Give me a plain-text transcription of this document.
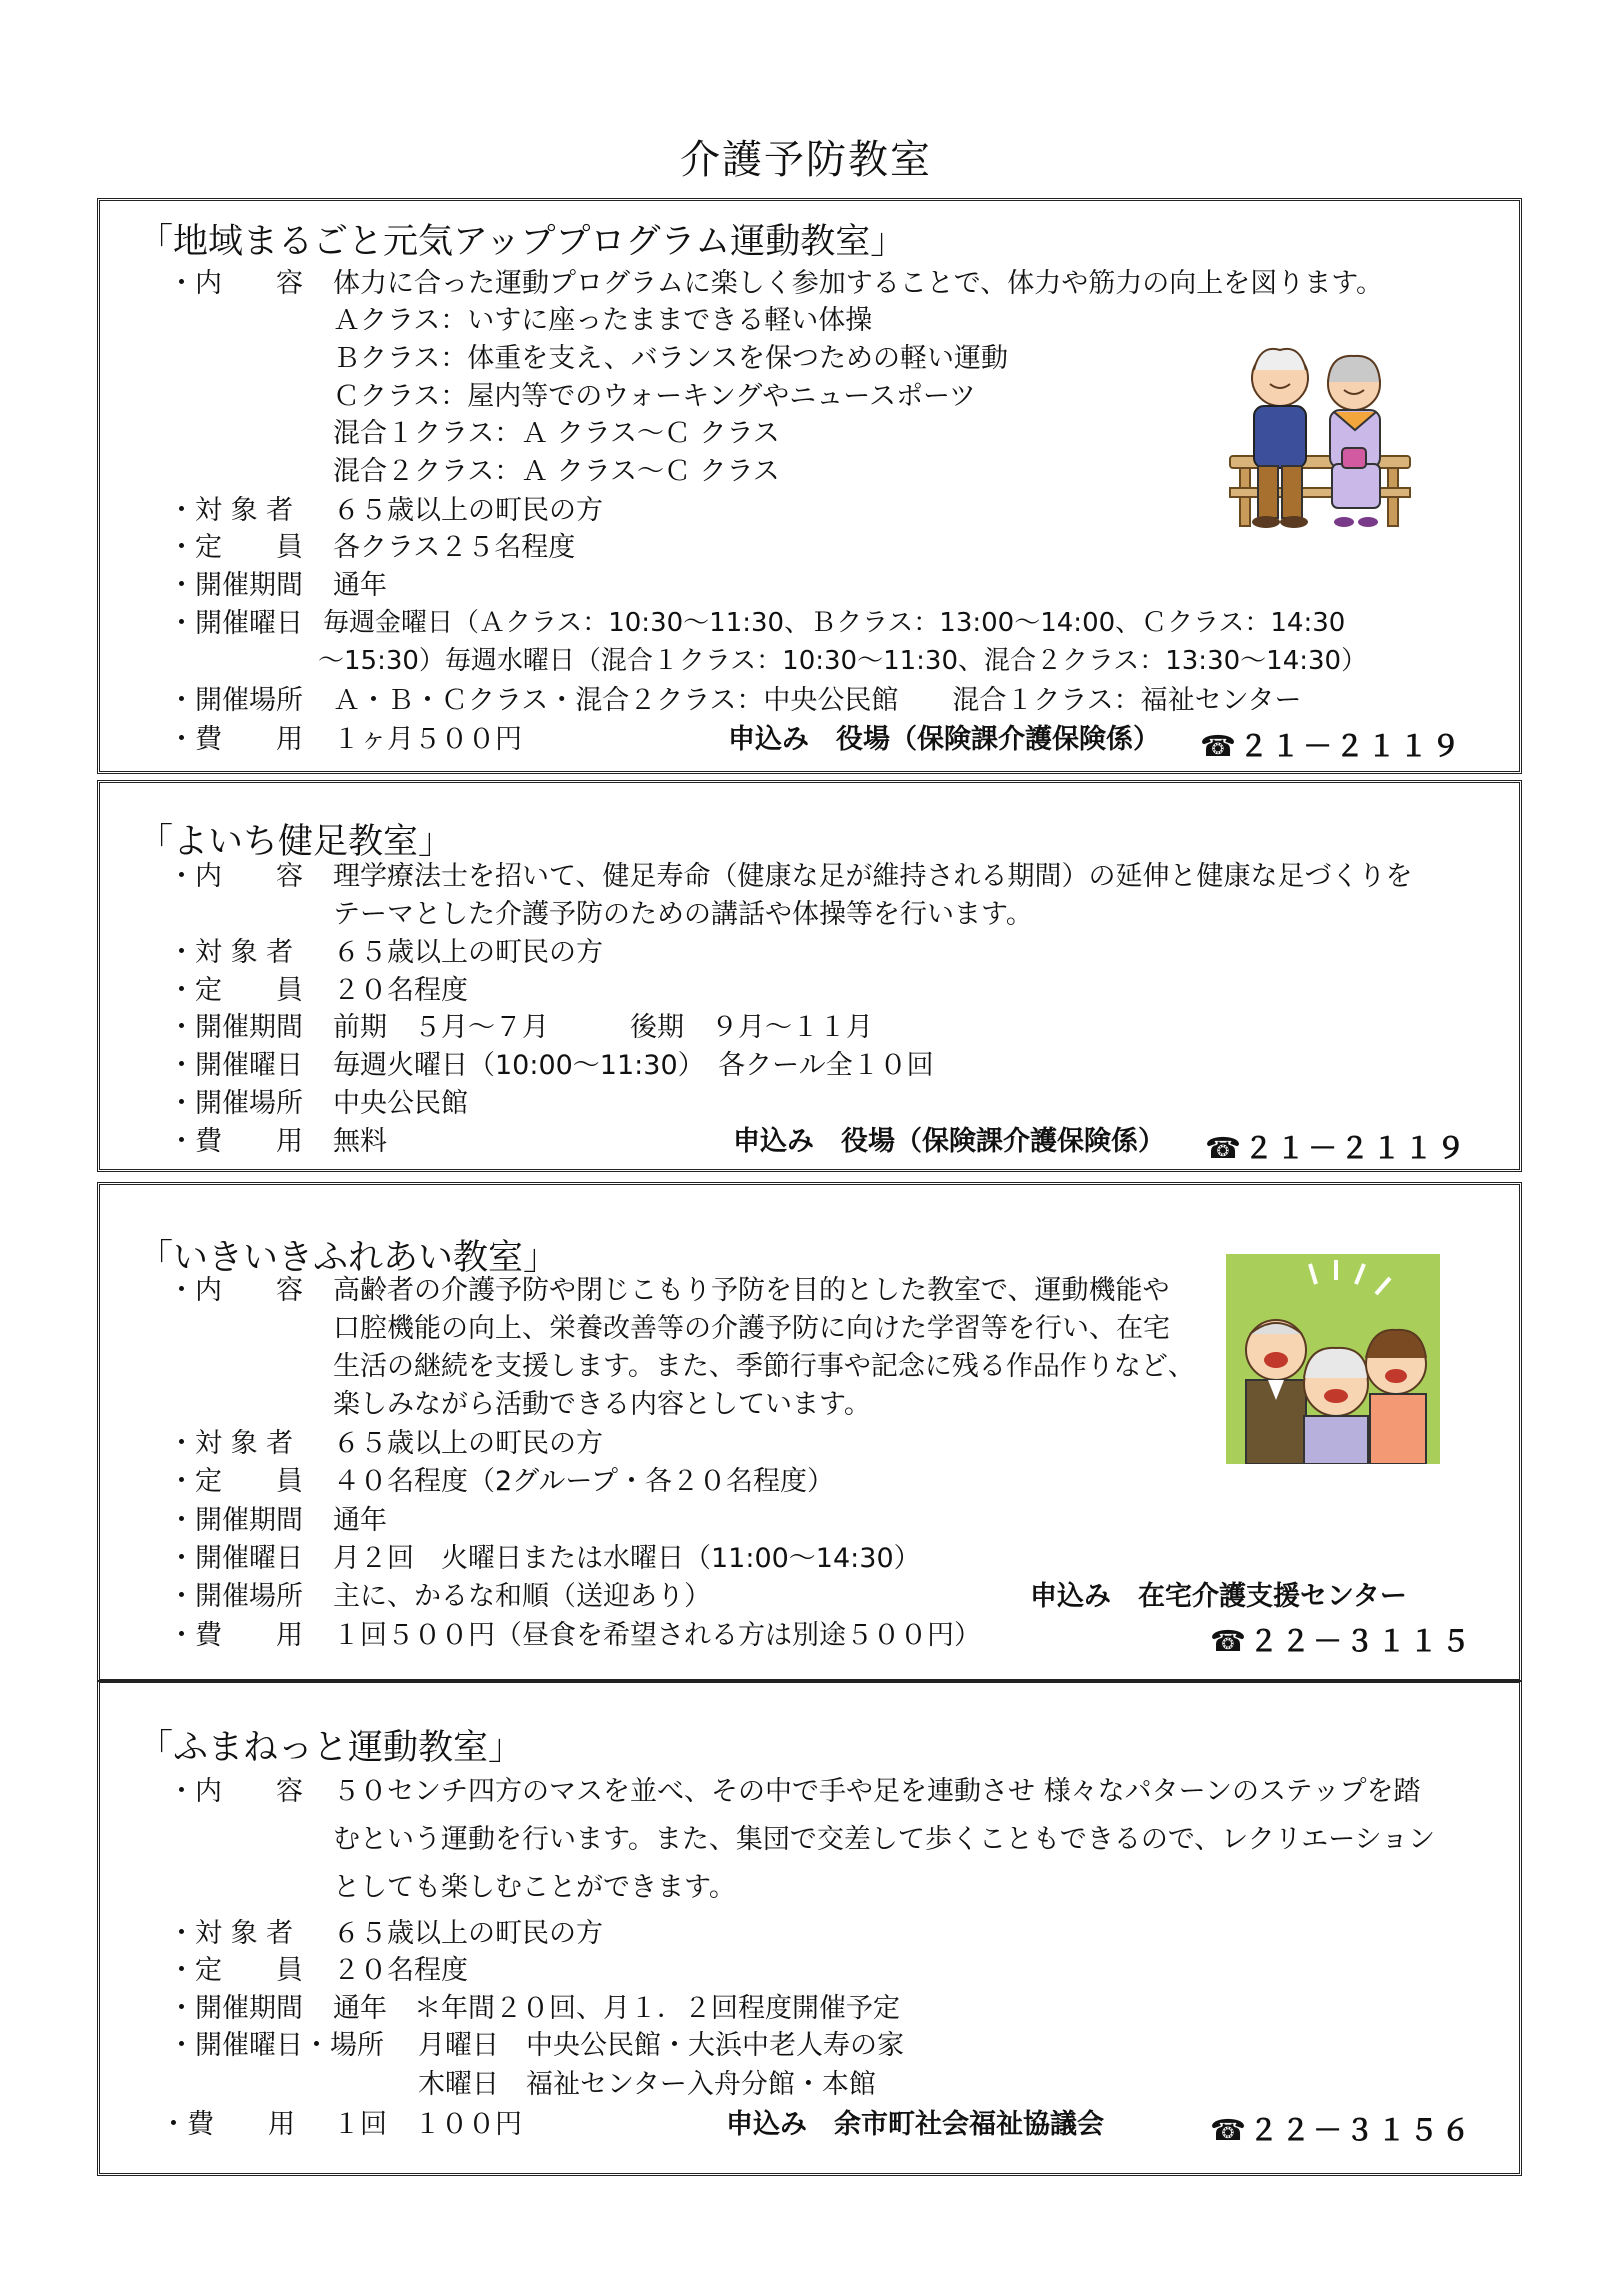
介護予防教室
「地域まるごと元気アッププログラム運動教室」
・内　　容 体力に合った運動プログラムに楽しく参加することで、体力や筋力の向上を図ります。
Ａクラス：いすに座ったままできる軽い体操
Ｂクラス：体重を支え、バランスを保つための軽い運動
Ｃクラス：屋内等でのウォーキングやニュースポーツ
混合１クラス：Ａ クラス～Ｃ クラス
混合２クラス：Ａ クラス～Ｃ クラス
・対 象 者 ６５歳以上の町民の方
・定　　員 各クラス２５名程度
・開催期間 通年
・開催曜日 毎週金曜日（Ａクラス：10:30～11:30、Ｂクラス：13:00～14:00、Ｃクラス：14:30
～15:30）毎週水曜日（混合１クラス：10:30～11:30、混合２クラス：13:30～14:30）
・開催場所 Ａ・Ｂ・Ｃクラス・混合２クラス：中央公民館　　混合１クラス：福祉センター
・費　　用 １ヶ月５００円	申込み　役場（保険課介護保険係） ☎２１－２１１９
「よいち健足教室」
・内　　容 理学療法士を招いて、健足寿命（健康な足が維持される期間）の延伸と健康な足づくりを
テーマとした介護予防のための講話や体操等を行います。
・対 象 者 ６５歳以上の町民の方
・定　　員 ２０名程度
・開催期間 前期　５月～７月　　　後期　９月～１１月
・開催曜日 毎週火曜日（10:00～11:30）　各クール全１０回
・開催場所 中央公民館
・費　　用 無料	申込み　役場（保険課介護保険係） ☎２１－２１１９
「いきいきふれあい教室」
・内　　容 高齢者の介護予防や閉じこもり予防を目的とした教室で、運動機能や
口腔機能の向上、栄養改善等の介護予防に向けた学習等を行い、在宅
生活の継続を支援します。また、季節行事や記念に残る作品作りなど、
楽しみながら活動できる内容としています。
・対 象 者 ６５歳以上の町民の方
・定　　員 ４０名程度（2グループ・各２０名程度）
・開催期間 通年
・開催曜日 月２回　火曜日または水曜日（11:00～14:30）
・開催場所 主に、かるな和順（送迎あり）	申込み　在宅介護支援センター
・費　　用 １回５００円（昼食を希望される方は別途５００円）	☎２２－３１１５
「ふまねっと運動教室」
・内　　容 ５０センチ四方のマスを並べ、その中で手や足を連動させ 様々なパターンのステップを踏
むという運動を行います。また、集団で交差して歩くこともできるので、レクリエーション
としても楽しむことができます。
・対 象 者 ６５歳以上の町民の方
・定　　員 ２０名程度
・開催期間 通年　＊年間２０回、月１．２回程度開催予定
・開催曜日・場所 月曜日　中央公民館・大浜中老人寿の家
木曜日　福祉センター入舟分館・本館
・費　　用 １回　１００円	申込み　余市町社会福祉協議会	☎２２－３１５６
